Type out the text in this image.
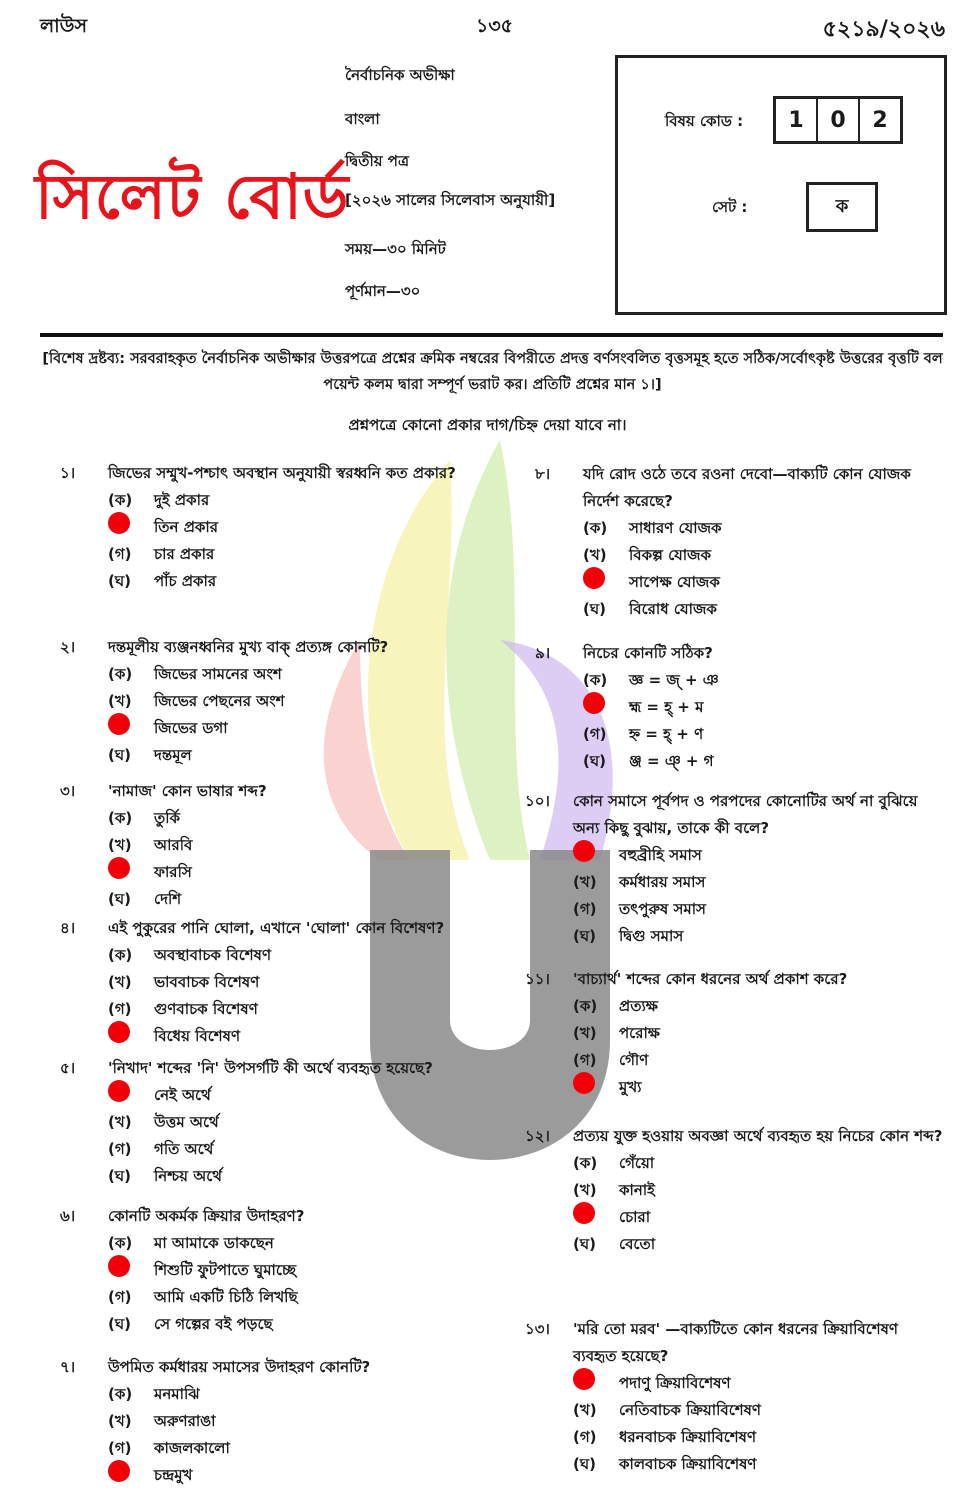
লাউস	১৩৫	৫২১৯/২০২৬
সিলেট বোর্ড
নৈর্বাচনিক অভীক্ষা
বাংলা
দ্বিতীয় পত্র
[২০২৬ সালের সিলেবাস অনুযায়ী]
সময়—৩০ মিনিট
পূর্ণমান—৩০
বিষয় কোড :	1	0	2
সেট :	ক
[বিশেষ দ্রষ্টব্য: সরবরাহকৃত নৈর্বাচনিক অভীক্ষার উত্তরপত্রে প্রশ্নের ক্রমিক নম্বরের বিপরীতে প্রদত্ত বর্ণসংবলিত বৃত্তসমূহ হতে সঠিক/সর্বোৎকৃষ্ট উত্তরের বৃত্তটি বল পয়েন্ট কলম দ্বারা সম্পূর্ণ ভরাট কর। প্রতিটি প্রশ্নের মান ১।]
প্রশ্নপত্রে কোনো প্রকার দাগ/চিহ্ন দেয়া যাবে না।
১। জিভের সম্মুখ-পশ্চাৎ অবস্থান অনুযায়ী স্বরধ্বনি কত প্রকার?
(ক)	দুই প্রকার
তিন প্রকার
(গ)	চার প্রকার
(ঘ)	পাঁচ প্রকার
২। দন্তমূলীয় ব্যঞ্জনধ্বনির মুখ্য বাক্ প্রত্যঙ্গ কোনটি?
(ক)	জিভের সামনের অংশ
(খ)	জিভের পেছনের অংশ
জিভের ডগা
(ঘ)	দন্তমূল
৩। 'নামাজ' কোন ভাষার শব্দ?
(ক)	তুর্কি
(খ)	আরবি
ফারসি
(ঘ)	দেশি
৪। এই পুকুরের পানি ঘোলা, এখানে 'ঘোলা' কোন বিশেষণ?
(ক)	অবস্থাবাচক বিশেষণ
(খ)	ভাববাচক বিশেষণ
(গ)	গুণবাচক বিশেষণ
বিধেয় বিশেষণ
৫। 'নিখাদ' শব্দের 'নি' উপসর্গটি কী অর্থে ব্যবহৃত হয়েছে?
নেই অর্থে
(খ)	উত্তম অর্থে
(গ)	গতি অর্থে
(ঘ)	নিশ্চয় অর্থে
৬। কোনটি অকর্মক ক্রিয়ার উদাহরণ?
(ক)	মা আমাকে ডাকছেন
শিশুটি ফুটপাতে ঘুমাচ্ছে
(গ)	আমি একটি চিঠি লিখছি
(ঘ)	সে গল্পের বই পড়ছে
৭। উপমিত কর্মধারয় সমাসের উদাহরণ কোনটি?
(ক)	মনমাঝি
(খ)	অরুণরাঙা
(গ)	কাজলকালো
চন্দ্রমুখ
৮। যদি রোদ ওঠে তবে রওনা দেবো—বাক্যটি কোন যোজক নির্দেশ করেছে?
(ক)	সাধারণ যোজক
(খ)	বিকল্প যোজক
সাপেক্ষ যোজক
(ঘ)	বিরোধ যোজক
৯। নিচের কোনটি সঠিক?
(ক)	জ্ঞ = জ্ + ঞ
হ্ম = হ্ + ম
(গ)	হ্ন = হ্ + ণ
(ঘ)	ঞ্জ = ঞ্ + গ
১০। কোন সমাসে পূর্বপদ ও পরপদের কোনোটির অর্থ না বুঝিয়ে অন্য কিছু বুঝায়, তাকে কী বলে?
বহুব্রীহি সমাস
(খ)	কর্মধারয় সমাস
(গ)	তৎপুরুষ সমাস
(ঘ)	দ্বিগু সমাস
১১। 'বাচ্যার্থ' শব্দের কোন ধরনের অর্থ প্রকাশ করে?
(ক)	প্রত্যক্ষ
(খ)	পরোক্ষ
(গ)	গৌণ
মুখ্য
১২। প্রত্যয় যুক্ত হওয়ায় অবজ্ঞা অর্থে ব্যবহৃত হয় নিচের কোন শব্দ?
(ক)	গেঁয়ো
(খ)	কানাই
চোরা
(ঘ)	বেতো
১৩। 'মরি তো মরব' —বাক্যটিতে কোন ধরনের ক্রিয়াবিশেষণ ব্যবহৃত হয়েছে?
পদাণু ক্রিয়াবিশেষণ
(খ)	নেতিবাচক ক্রিয়াবিশেষণ
(গ)	ধরনবাচক ক্রিয়াবিশেষণ
(ঘ)	কালবাচক ক্রিয়াবিশেষণ
